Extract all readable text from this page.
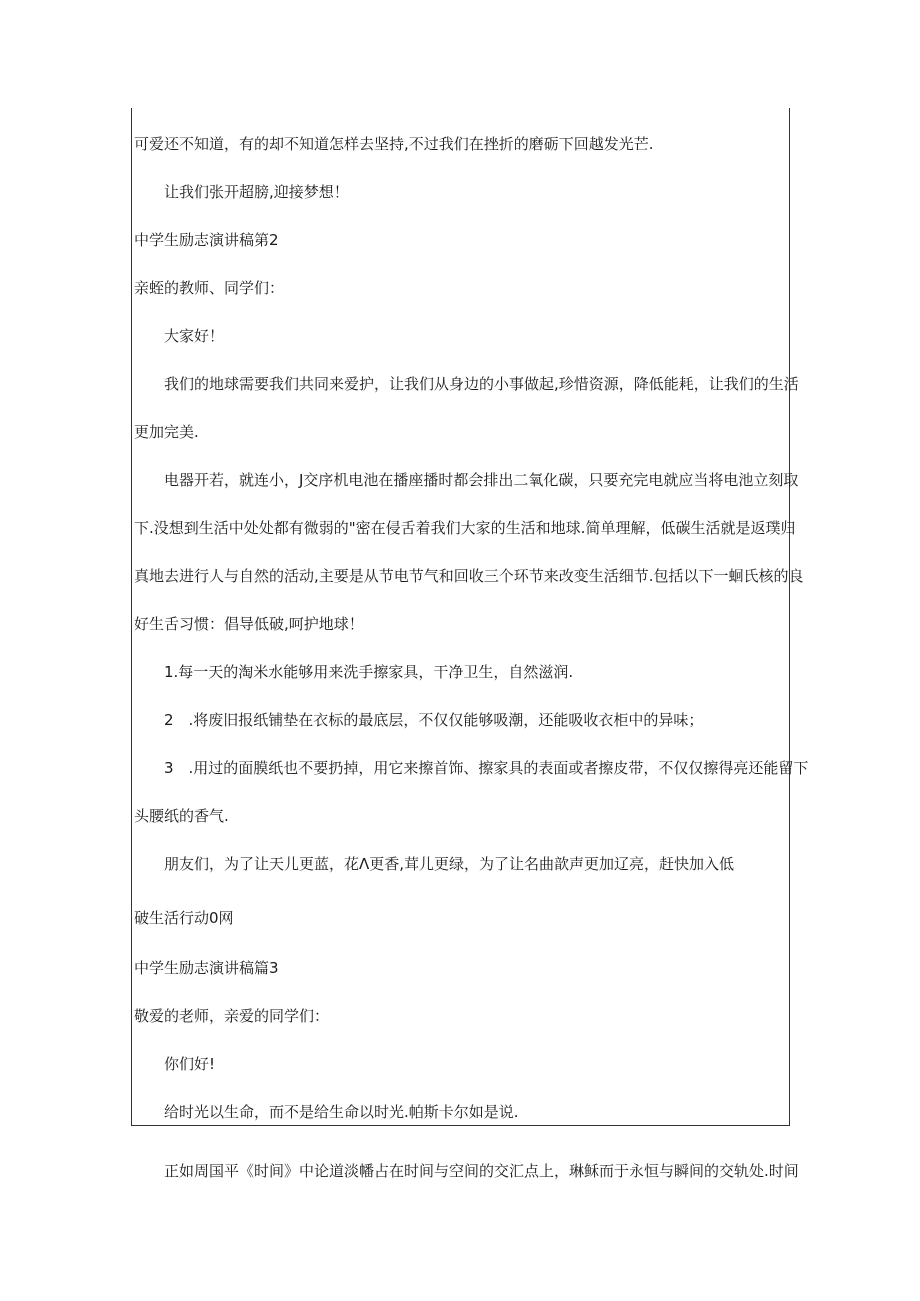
可爱还不知道，有的却不知道怎样去坚持,不过我们在挫折的磨砺下回越发光芒.
让我们张开超膀,迎接梦想！
中学生励志演讲稿第2
亲蛭的教师、同学们：
大家好！
我们的地球需要我们共同来爱护，让我们从身边的小事做起,珍惜资源，降低能耗，让我们的生活
更加完美.
电器开若，就连小，J交序机电池在播座播时都会排出二氧化碳，只要充完电就应当将电池立刻取
下.没想到生活中处处都有微弱的"密在侵舌着我们大家的生活和地球.简单理解，低碳生活就是返璞归
真地去进行人与自然的活动,主要是从节电节气和回收三个环节来改变生活细节.包括以下一蛔氏核的良
好生舌习惯：倡导低破,呵护地球！
1.每一天的淘米水能够用来洗手擦家具，干净卫生，自然滋润.
2　.将废旧报纸铺垫在衣标的最底层，不仅仅能够吸潮，还能吸收衣柜中的异味；
3　.用过的面膜纸也不要扔掉，用它来擦首饰、擦家具的表面或者擦皮带，不仅仅擦得亮还能留下
头腰纸的香气.
朋友们，为了让天儿更蓝，花Λ更香,茸儿更绿，为了让名曲歆声更加辽亮，赶快加入低
破生活行动0网
中学生励志演讲稿篇3
敬爱的老师，亲爱的同学们：
你们好!
给时光以生命，而不是给生命以时光.帕斯卡尔如是说.
正如周国平《时间》中论道淡幡占在时间与空间的交汇点上，琳稣而于永恒与瞬间的交轨处.时间
